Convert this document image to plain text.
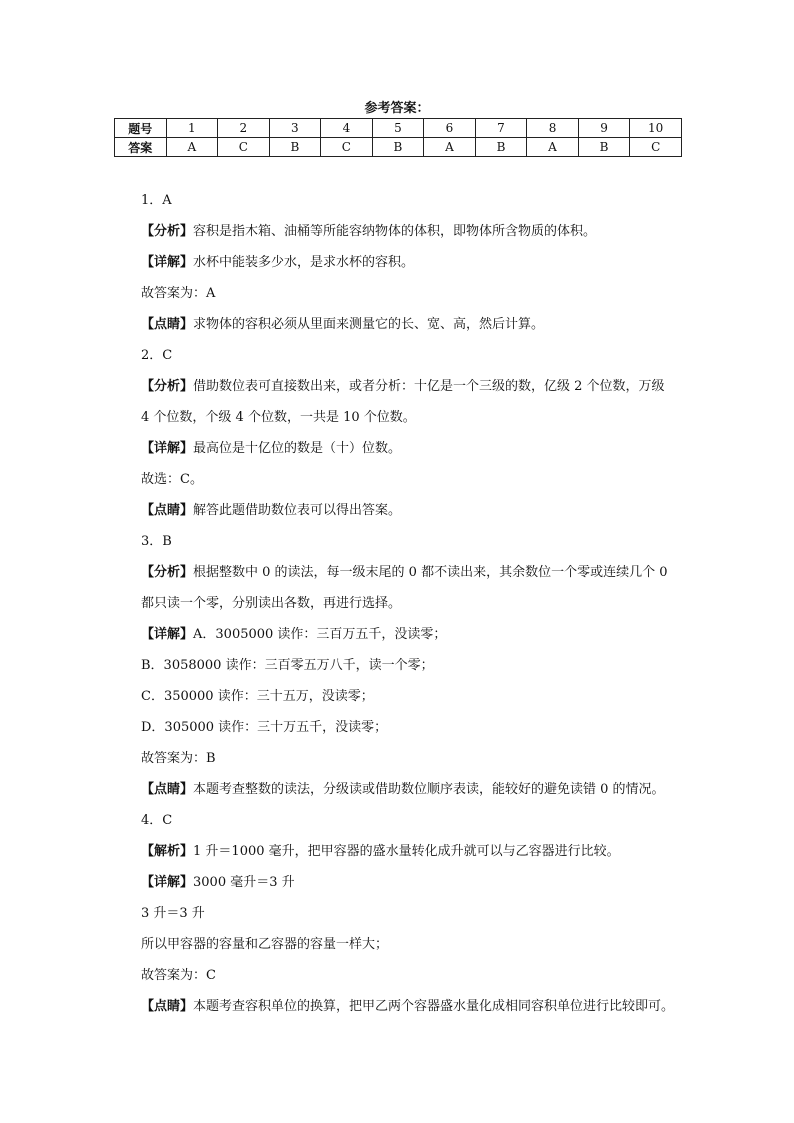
参考答案：
题号	1	2	3	4	5	6	7	8	9	10
答案	A	C	B	C	B	A	B	A	B	C
1．A
【分析】容积是指木箱、油桶等所能容纳物体的体积，即物体所含物质的体积。
【详解】水杯中能装多少水，是求水杯的容积。
故答案为：A
【点睛】求物体的容积必须从里面来测量它的长、宽、高，然后计算。
2．C
【分析】借助数位表可直接数出来，或者分析：十亿是一个三级的数，亿级 2 个位数，万级
4 个位数，个级 4 个位数，一共是 10 个位数。
【详解】最高位是十亿位的数是（十）位数。
故选：C。
【点睛】解答此题借助数位表可以得出答案。
3．B
【分析】根据整数中 0 的读法，每一级末尾的 0 都不读出来，其余数位一个零或连续几个 0
都只读一个零，分别读出各数，再进行选择。
【详解】A．3005000 读作：三百万五千，没读零；
B．3058000 读作：三百零五万八千，读一个零；
C．350000 读作：三十五万，没读零；
D．305000 读作：三十万五千，没读零；
故答案为：B
【点睛】本题考查整数的读法，分级读或借助数位顺序表读，能较好的避免读错 0 的情况。
4．C
【解析】1 升＝1000 毫升，把甲容器的盛水量转化成升就可以与乙容器进行比较。
【详解】3000 毫升＝3 升
3 升＝3 升
所以甲容器的容量和乙容器的容量一样大；
故答案为：C
【点睛】本题考查容积单位的换算，把甲乙两个容器盛水量化成相同容积单位进行比较即可。
